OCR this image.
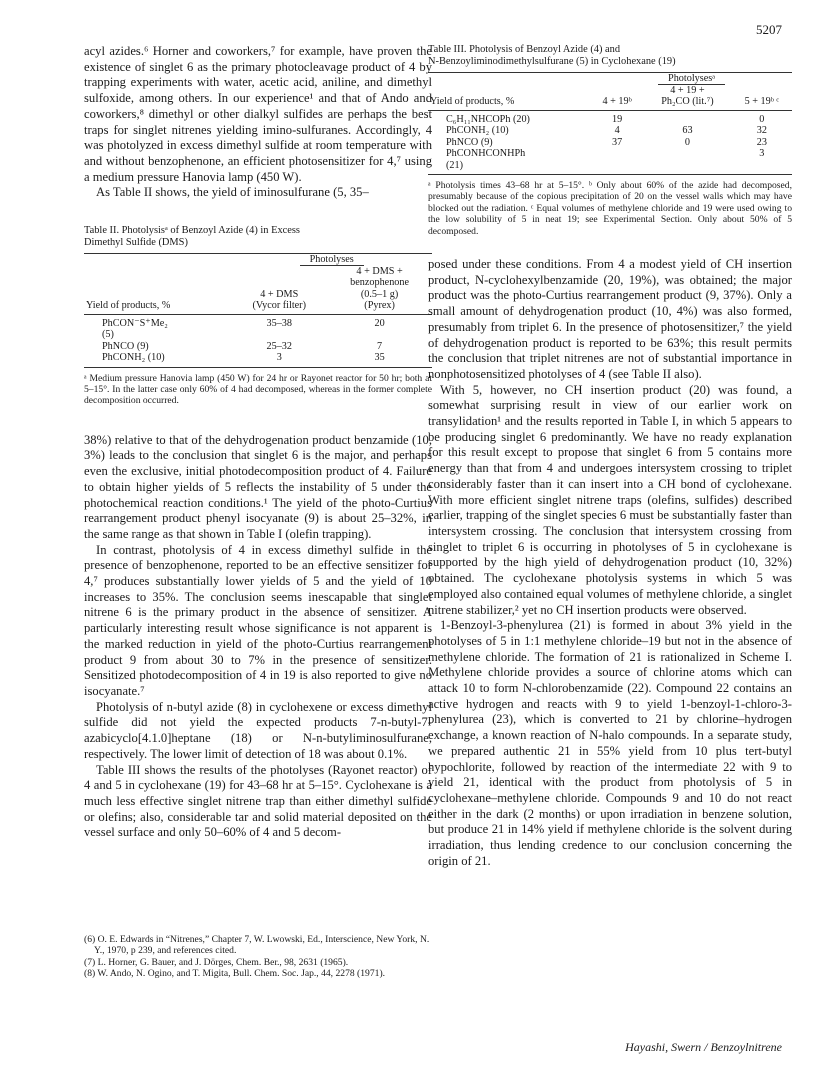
5207

acyl azides.⁶ Horner and coworkers,⁷ for example, have proven the existence of singlet 6 as the primary photocleavage product of 4 by trapping experiments with water, acetic acid, aniline, and dimethyl sulfoxide, among others. In our experience¹ and that of Ando and coworkers,⁸ dimethyl or other dialkyl sulfides are perhaps the best traps for singlet nitrenes yielding imino-sulfuranes. Accordingly, 4 was photolyzed in excess dimethyl sulfide at room temperature with and without benzophenone, an efficient photosensitizer for 4,⁷ using a medium pressure Hanovia lamp (450 W).

As Table II shows, the yield of iminosulfurane (5, 35–

Table II. Photolysisᵃ of Benzoyl Azide (4) in Excess Dimethyl Sulfide (DMS)
	Photolyses	
		4 + DMS +
		benzophenone
	4 + DMS	(0.5–1 g)
Yield of products, %	(Vycor filter)	(Pyrex)
PhCON⁻S⁺Me₂	35–38	20
(5)		
PhNCO (9)	25–32	7
PhCONH₂ (10)	3	35
ᵃ Medium pressure Hanovia lamp (450 W) for 24 hr or Rayonet reactor for 50 hr; both at 5–15°. In the latter case only 60% of 4 had decomposed, whereas in the former complete decomposition occurred.

38%) relative to that of the dehydrogenation product benzamide (10, 3%) leads to the conclusion that singlet 6 is the major, and perhaps even the exclusive, initial photodecomposition product of 4. Failure to obtain higher yields of 5 reflects the instability of 5 under the photochemical reaction conditions.¹ The yield of the photo-Curtius rearrangement product phenyl isocyanate (9) is about 25–32%, in the same range as that shown in Table I (olefin trapping).

In contrast, photolysis of 4 in excess dimethyl sulfide in the presence of benzophenone, reported to be an effective sensitizer for 4,⁷ produces substantially lower yields of 5 and the yield of 10 increases to 35%. The conclusion seems inescapable that singlet nitrene 6 is the primary product in the absence of sensitizer. A particularly interesting result whose significance is not apparent is the marked reduction in yield of the photo-Curtius rearrangement product 9 from about 30 to 7% in the presence of sensitizer. Sensitized photodecomposition of 4 in 19 is also reported to give no isocyanate.⁷

Photolysis of n-butyl azide (8) in cyclohexene or excess dimethyl sulfide did not yield the expected products 7-n-butyl-7-azabicyclo[4.1.0]heptane (18) or N-n-butyliminosulfurane, respectively. The lower limit of detection of 18 was about 0.1%.

Table III shows the results of the photolyses (Rayonet reactor) of 4 and 5 in cyclohexane (19) for 43–68 hr at 5–15°. Cyclohexane is a much less effective singlet nitrene trap than either dimethyl sulfide or olefins; also, considerable tar and solid material deposited on the vessel surface and only 50–60% of 4 and 5 decom-

Table III. Photolysis of Benzoyl Azide (4) and
N-Benzoyliminodimethylsulfurane (5) in Cyclohexane (19)
	Photolysesᵃ		
		4 + 19 +	
Yield of products, %	4 + 19ᵇ	Ph₂CO (lit.⁷)	5 + 19ᵇ ᶜ
C₆H₁₁NHCOPh (20)	19		0
PhCONH₂ (10)	4	63	32
PhNCO (9)	37	0	23
PhCONHCONHPh			3
(21)			
ᵃ Photolysis times 43–68 hr at 5–15°. ᵇ Only about 60% of the azide had decomposed, presumably because of the copious precipitation of 20 on the vessel walls which may have blocked out the radiation. ᶜ Equal volumes of methylene chloride and 19 were used owing to the low solubility of 5 in neat 19; see Experimental Section. Only about 50% of 5 decomposed.

posed under these conditions. From 4 a modest yield of CH insertion product, N-cyclohexylbenzamide (20, 19%), was obtained; the major product was the photo-Curtius rearrangement product (9, 37%). Only a small amount of dehydrogenation product (10, 4%) was also formed, presumably from triplet 6. In the presence of photosensitizer,⁷ the yield of dehydrogenation product is reported to be 63%; this result permits the conclusion that triplet nitrenes are not of substantial importance in nonphotosensitized photolyses of 4 (see Table II also).

With 5, however, no CH insertion product (20) was found, a somewhat surprising result in view of our earlier work on transylidation¹ and the results reported in Table I, in which 5 appears to be producing singlet 6 predominantly. We have no ready explanation for this result except to propose that singlet 6 from 5 contains more energy than that from 4 and undergoes intersystem crossing to triplet considerably faster than it can insert into a CH bond of cyclohexane. With more efficient singlet nitrene traps (olefins, sulfides) described earlier, trapping of the singlet species 6 must be substantially faster than intersystem crossing. The conclusion that intersystem crossing from singlet to triplet 6 is occurring in photolyses of 5 in cyclohexane is supported by the high yield of dehydrogenation product (10, 32%) obtained. The cyclohexane photolysis systems in which 5 was employed also contained equal volumes of methylene chloride, a singlet nitrene stabilizer,² yet no CH insertion products were observed.

1-Benzoyl-3-phenylurea (21) is formed in about 3% yield in the photolyses of 5 in 1:1 methylene chloride–19 but not in the absence of methylene chloride. The formation of 21 is rationalized in Scheme I. Methylene chloride provides a source of chlorine atoms which can attack 10 to form N-chlorobenzamide (22). Compound 22 contains an active hydrogen and reacts with 9 to yield 1-benzoyl-1-chloro-3-phenylurea (23), which is converted to 21 by chlorine–hydrogen exchange, a known reaction of N-halo compounds. In a separate study, we prepared authentic 21 in 55% yield from 10 plus tert-butyl hypochlorite, followed by reaction of the intermediate 22 with 9 to yield 21, identical with the product from photolysis of 5 in cyclohexane–methylene chloride. Compounds 9 and 10 do not react either in the dark (2 months) or upon irradiation in benzene solution, but produce 21 in 14% yield if methylene chloride is the solvent during irradiation, thus lending credence to our conclusion concerning the origin of 21.

(6) O. E. Edwards in “Nitrenes,” Chapter 7, W. Lwowski, Ed., Interscience, New York, N. Y., 1970, p 239, and references cited.
(7) L. Horner, G. Bauer, and J. Dörges, Chem. Ber., 98, 2631 (1965).
(8) W. Ando, N. Ogino, and T. Migita, Bull. Chem. Soc. Jap., 44, 2278 (1971).
Hayashi, Swern / Benzoylnitrene
